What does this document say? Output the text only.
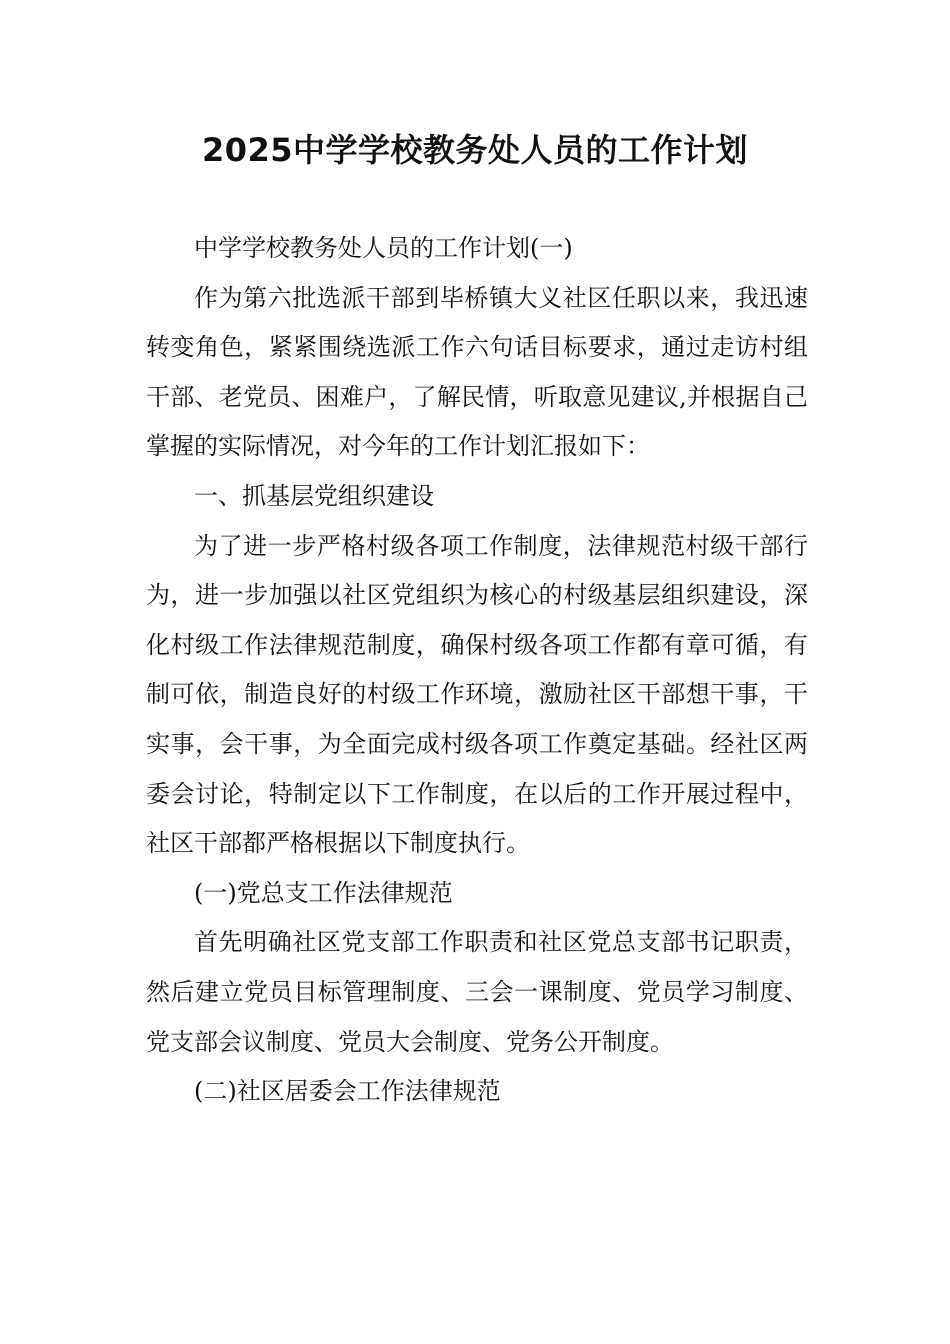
2025中学学校教务处人员的工作计划

中学学校教务处人员的工作计划(一)

作为第六批选派干部到毕桥镇大义社区任职以来，我迅速转变角色，紧紧围绕选派工作六句话目标要求，通过走访村组干部、老党员、困难户，了解民情，听取意见建议,并根据自己掌握的实际情况，对今年的工作计划汇报如下：

一、抓基层党组织建设

为了进一步严格村级各项工作制度，法律规范村级干部行为，进一步加强以社区党组织为核心的村级基层组织建设，深化村级工作法律规范制度，确保村级各项工作都有章可循，有制可依，制造良好的村级工作环境，激励社区干部想干事，干实事，会干事，为全面完成村级各项工作奠定基础。经社区两委会讨论，特制定以下工作制度，在以后的工作开展过程中，社区干部都严格根据以下制度执行。

(一)党总支工作法律规范

首先明确社区党支部工作职责和社区党总支部书记职责，然后建立党员目标管理制度、三会一课制度、党员学习制度、党支部会议制度、党员大会制度、党务公开制度。

(二)社区居委会工作法律规范
